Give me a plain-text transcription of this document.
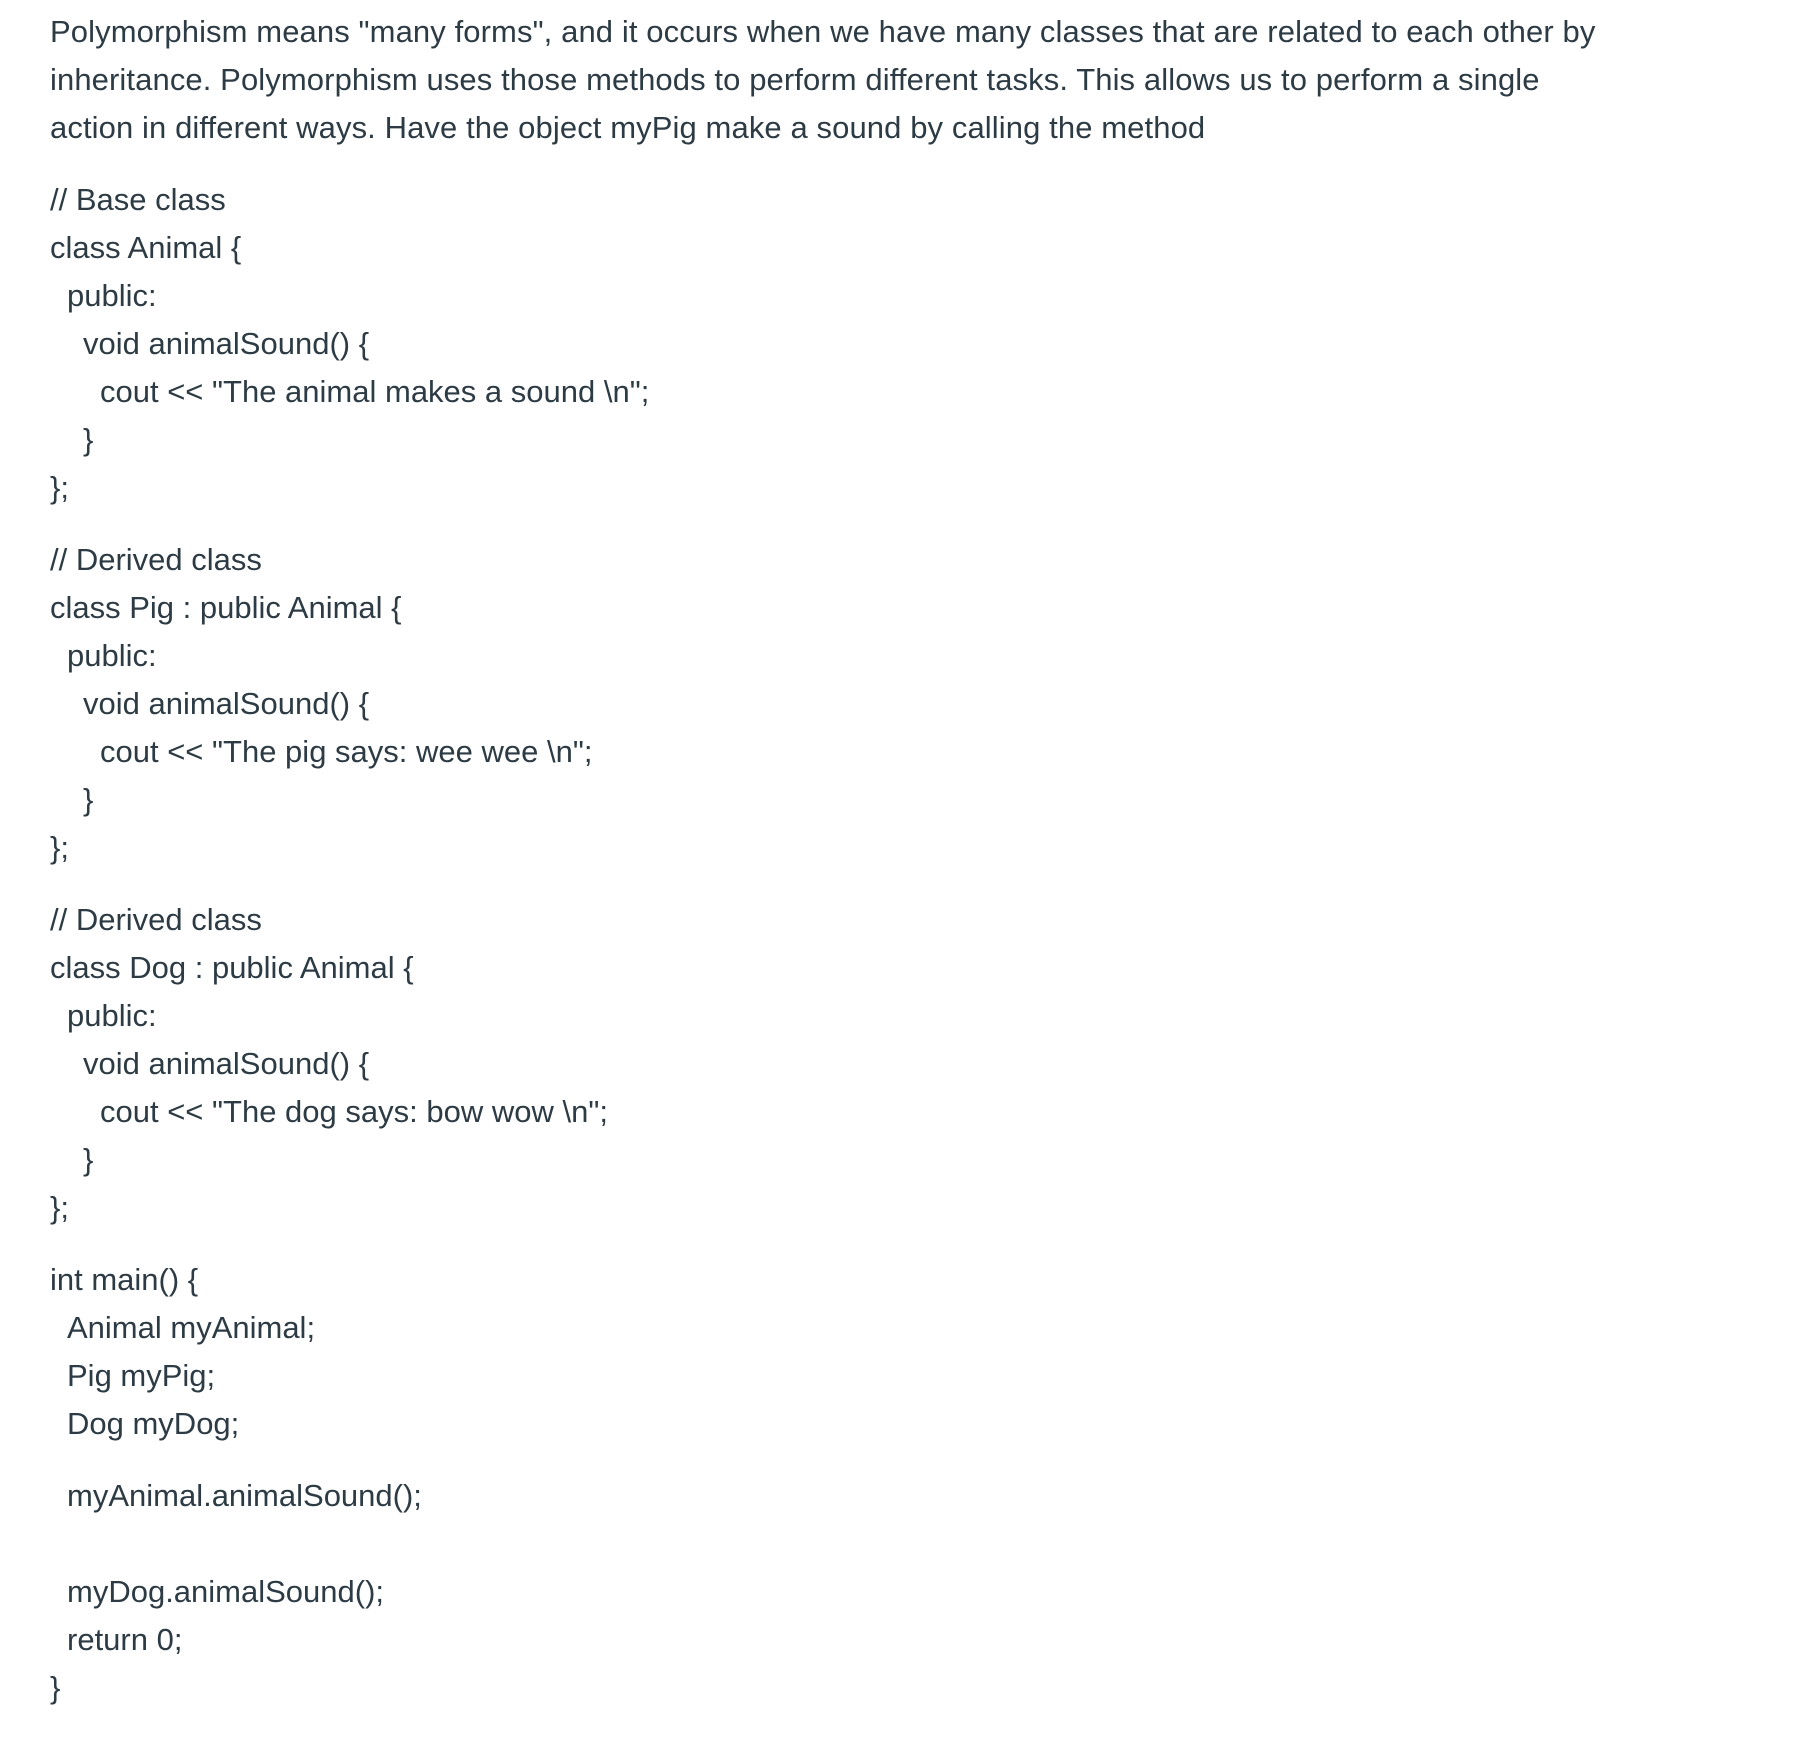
Polymorphism means "many forms", and it occurs when we have many classes that are related to each other by inheritance. Polymorphism uses those methods to perform different tasks. This allows us to perform a single action in different ways. Have the object myPig make a sound by calling the method

// Base class
class Animal {
public:
void animalSound() {
cout << "The animal makes a sound \n";
}
};
// Derived class
class Pig : public Animal {
public:
void animalSound() {
cout << "The pig says: wee wee \n";
}
};
// Derived class
class Dog : public Animal {
public:
void animalSound() {
cout << "The dog says: bow wow \n";
}
};
int main() {
Animal myAnimal;
Pig myPig;
Dog myDog;
myAnimal.animalSound();
myDog.animalSound();
return 0;
}
